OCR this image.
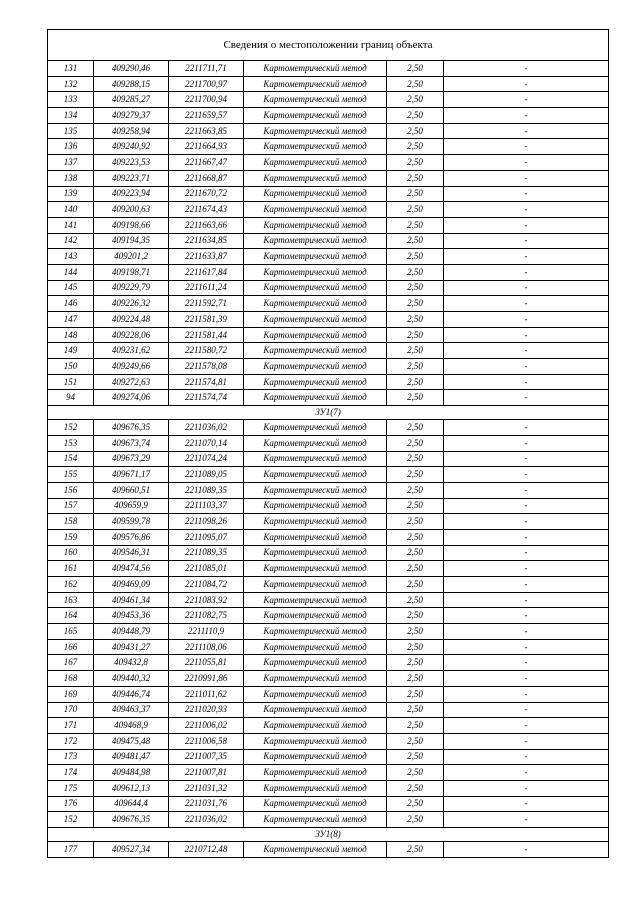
Сведения о местоположении границ объекта					
131	409290,46	2211711,71	Картометрический метод	2,50	-
132	409288,15	2211700,97	Картометрический метод	2,50	-
133	409285,27	2211700,94	Картометрический метод	2,50	-
134	409279,37	2211659,57	Картометрический метод	2,50	-
135	409258,94	2211663,85	Картометрический метод	2,50	-
136	409240,92	2211664,93	Картометрический метод	2,50	-
137	409223,53	2211667,47	Картометрический метод	2,50	-
138	409223,71	2211668,87	Картометрический метод	2,50	-
139	409223,94	2211670,72	Картометрический метод	2,50	-
140	409200,63	2211674,43	Картометрический метод	2,50	-
141	409198,66	2211663,66	Картометрический метод	2,50	-
142	409194,35	2211634,85	Картометрический метод	2,50	-
143	409201,2	2211633,87	Картометрический метод	2,50	-
144	409198,71	2211617,84	Картометрический метод	2,50	-
145	409229,79	2211611,24	Картометрический метод	2,50	-
146	409226,32	2211592,71	Картометрический метод	2,50	-
147	409224,48	2211581,39	Картометрический метод	2,50	-
148	409228,06	2211581,44	Картометрический метод	2,50	-
149	409231,62	2211580,72	Картометрический метод	2,50	-
150	409249,66	2211578,08	Картометрический метод	2,50	-
151	409272,63	2211574,81	Картометрический метод	2,50	-
94	409274,06	2211574,74	Картометрический метод	2,50	-
ЗУ1(7)					
152	409676,35	2211036,02	Картометрический метод	2,50	-
153	409673,74	2211070,14	Картометрический метод	2,50	-
154	409673,29	2211074,24	Картометрический метод	2,50	-
155	409671,17	2211089,05	Картометрический метод	2,50	-
156	409660,51	2211089,35	Картометрический метод	2,50	-
157	409659,9	2211103,37	Картометрический метод	2,50	-
158	409599,78	2211098,26	Картометрический метод	2,50	-
159	409576,86	2211095,07	Картометрический метод	2,50	-
160	409546,31	2211089,35	Картометрический метод	2,50	-
161	409474,56	2211085,01	Картометрический метод	2,50	-
162	409469,09	2211084,72	Картометрический метод	2,50	-
163	409461,34	2211083,92	Картометрический метод	2,50	-
164	409453,36	2211082,75	Картометрический метод	2,50	-
165	409448,79	2211110,9	Картометрический метод	2,50	-
166	409431,27	2211108,06	Картометрический метод	2,50	-
167	409432,8	2211055,81	Картометрический метод	2,50	-
168	409440,32	2210991,86	Картометрический метод	2,50	-
169	409446,74	2211011,62	Картометрический метод	2,50	-
170	409463,37	2211020,93	Картометрический метод	2,50	-
171	409468,9	2211006,02	Картометрический метод	2,50	-
172	409475,48	2211006,58	Картометрический метод	2,50	-
173	409481,47	2211007,35	Картометрический метод	2,50	-
174	409484,98	2211007,81	Картометрический метод	2,50	-
175	409612,13	2211031,32	Картометрический метод	2,50	-
176	409644,4	2211031,76	Картометрический метод	2,50	-
152	409676,35	2211036,02	Картометрический метод	2,50	-
ЗУ1(8)					
177	409527,34	2210712,48	Картометрический метод	2,50	-
